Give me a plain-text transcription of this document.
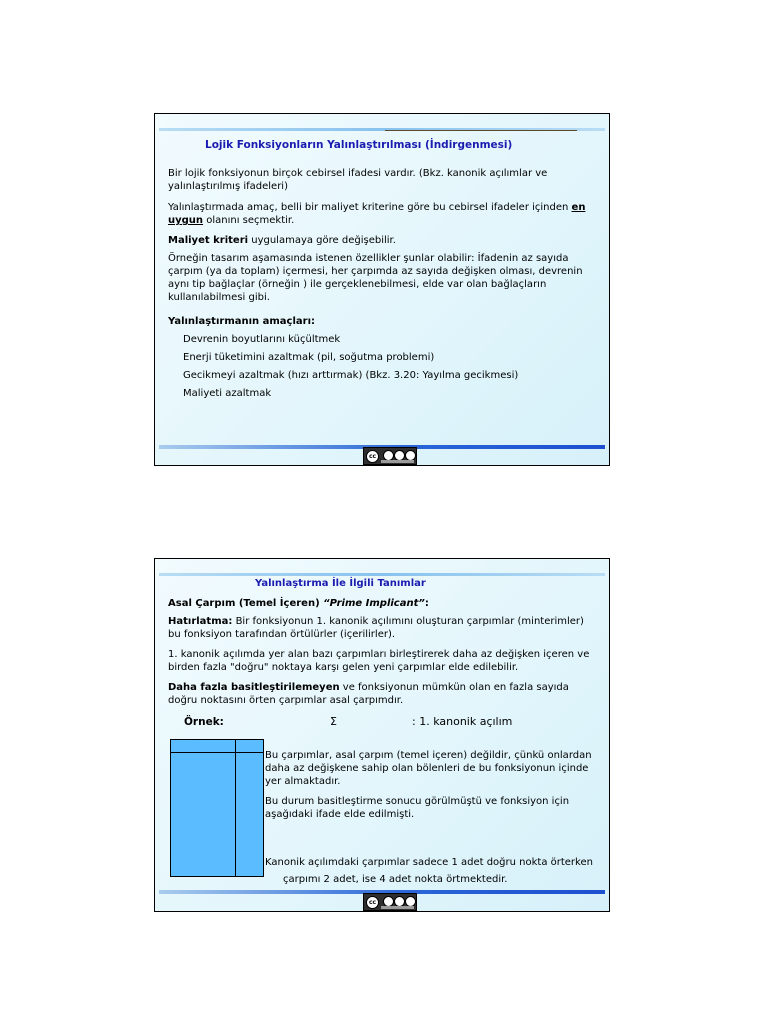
Lojik Fonksiyonların Yalınlaştırılması (İndirgenmesi)
Bir lojik fonksiyonun birçok cebirsel ifadesi vardır. (Bkz. kanonik açılımlar ve yalınlaştırılmış ifadeleri)
Yalınlaştırmada amaç, belli bir maliyet kriterine göre bu cebirsel ifadeler içinden en uygun olanını seçmektir.
Maliyet kriteri uygulamaya göre değişebilir.
Örneğin tasarım aşamasında istenen özellikler şunlar olabilir: İfadenin az sayıda çarpım (ya da toplam) içermesi, her çarpımda az sayıda değişken olması, devrenin aynı tip bağlaçlar (örneğin ) ile gerçeklenebilmesi, elde var olan bağlaçların kullanılabilmesi gibi.
Yalınlaştırmanın amaçları:
Devrenin boyutlarını küçültmek
Enerji tüketimini azaltmak (pil, soğutma problemi)
Gecikmeyi azaltmak (hızı arttırmak) (Bkz. 3.20: Yayılma gecikmesi)
Maliyeti azaltmak
cc
Yalınlaştırma İle İlgili Tanımlar
Asal Çarpım (Temel İçeren) “Prime Implicant”:
Hatırlatma: Bir fonksiyonun 1. kanonik açılımını oluşturan çarpımlar (minterimler) bu fonksiyon tarafından örtülürler (içerilirler).
1. kanonik açılımda yer alan bazı çarpımları birleştirerek daha az değişken içeren ve birden fazla "doğru" noktaya karşı gelen yeni çarpımlar elde edilebilir.
Daha fazla basitleştirilemeyen ve fonksiyonun mümkün olan en fazla sayıda doğru noktasını örten çarpımlar asal çarpımdır.
Örnek:	Σ	: 1. kanonik açılım
Bu çarpımlar, asal çarpım (temel içeren) değildir, çünkü onlardan daha az değişkene sahip olan bölenleri de bu fonksiyonun içinde yer almaktadır.
Bu durum basitleştirme sonucu görülmüştü ve fonksiyon için aşağıdaki ifade elde edilmişti.
Kanonik açılımdaki çarpımlar sadece 1 adet doğru nokta örterken
çarpımı 2 adet, ise 4 adet nokta örtmektedir.
cc
